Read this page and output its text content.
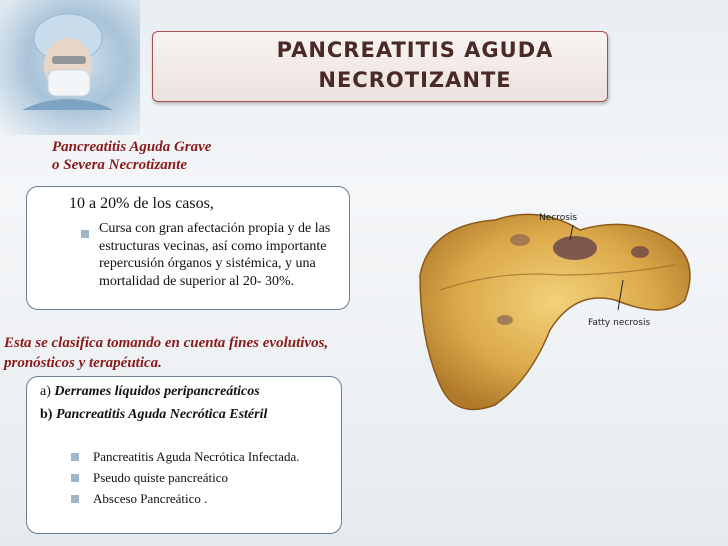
PANCREATITIS AGUDA
NECROTIZANTE
Pancreatitis Aguda Grave
o Severa Necrotizante
10 a 20% de los casos,
Cursa con gran afectación propia y de las estructuras vecinas, así como importante repercusión órganos y sistémica, y una mortalidad de superior al 20- 30%.
Esta se clasifica tomando en cuenta fines evolutivos, pronósticos y terapéutica.
a) Derrames líquidos peripancreáticos
b) Pancreatitis Aguda Necrótica Estéril
Pancreatitis Aguda Necrótica Infectada.
Pseudo quiste pancreático
Absceso Pancreático .
Necrosis
Fatty necrosis
